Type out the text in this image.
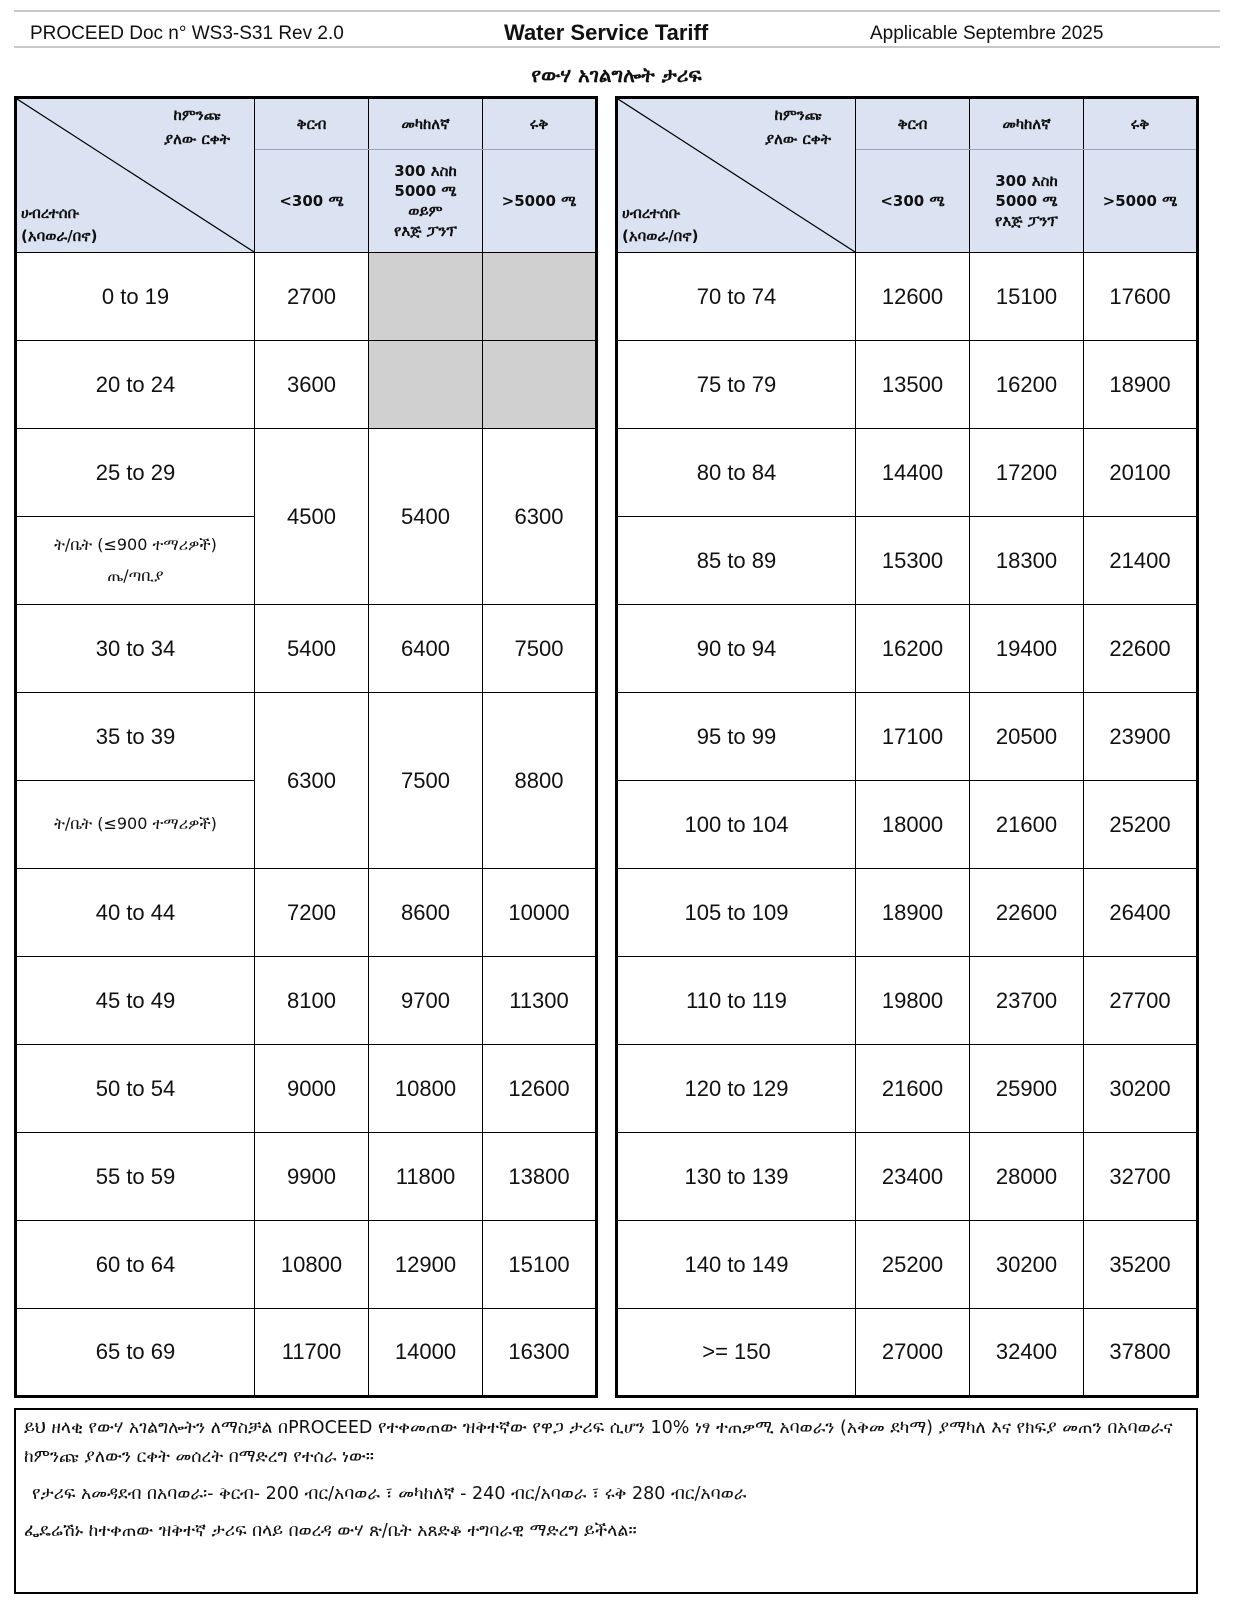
PROCEED Doc n° WS3-S31 Rev 2.0	Water Service Tariff	Applicable Septembre 2025
የውሃ አገልግሎት ታሪፍ
ከምንጩ
ያለው ርቀት
ሀብረተሰቡ
(አባወራ/በኖ)	ቅርብ	መካከለኛ	ሩቅ
	<300 ሜ	300 እስከ
5000 ሜ
ወይም
የእጅ ፓንፕ	>5000 ሜ
0 to 19	2700		
20 to 24	3600		
25 to 29	4500	5400	6300

ት/ቤት (≤900 ተማሪዎች)
ጤ/ጣቢያ			

30 to 34	5400	6400	7500
35 to 39	6300	7500	8800
ት/ቤት (≤900 ተማሪዎች)			
40 to 44	7200	8600	10000
45 to 49	8100	9700	11300
50 to 54	9000	10800	12600
55 to 59	9900	11800	13800
60 to 64	10800	12900	15100
65 to 69	11700	14000	16300
ከምንጩ
ያለው ርቀት
ሀብረተሰቡ
(አባወራ/በኖ)	ቅርብ	መካከለኛ	ሩቅ
	<300 ሜ	300 እስከ
5000 ሜ
የእጅ ፓንፕ	>5000 ሜ
70 to 74	12600	15100	17600
75 to 79	13500	16200	18900
80 to 84	14400	17200	20100
85 to 89	15300	18300	21400
90 to 94	16200	19400	22600
95 to 99	17100	20500	23900
100 to 104	18000	21600	25200
105 to 109	18900	22600	26400
110 to 119	19800	23700	27700
120 to 129	21600	25900	30200
130 to 139	23400	28000	32700
140 to 149	25200	30200	35200
>= 150	27000	32400	37800

ይህ ዘላቂ የውሃ አገልግሎትን ለማስቻል በPROCEED የተቀመጠው ዝቅተኛው የዋጋ ታሪፍ ሲሆን 10% ነፃ ተጠቃሚ አባወራን (አቅመ ደካማ) ያማካለ እና የክፍያ መጠን በአባወራና ከምንጩ ያለውን ርቀት መሰረት በማድረግ የተሰራ ነው።

የታሪፍ አመዳደብ በአባወራ፡- ቅርብ- 200 ብር/አባወራ ፣ መካከለኛ - 240 ብር/አባወራ ፣ ሩቅ 280 ብር/አባወራ

ፌዴሬሽኑ ከተቀጠው ዝቅተኛ ታሪፍ በላይ በወረዳ ውሃ ጽ/ቤት አጸድቆ ተግባራዊ ማድረግ ይችላል።
